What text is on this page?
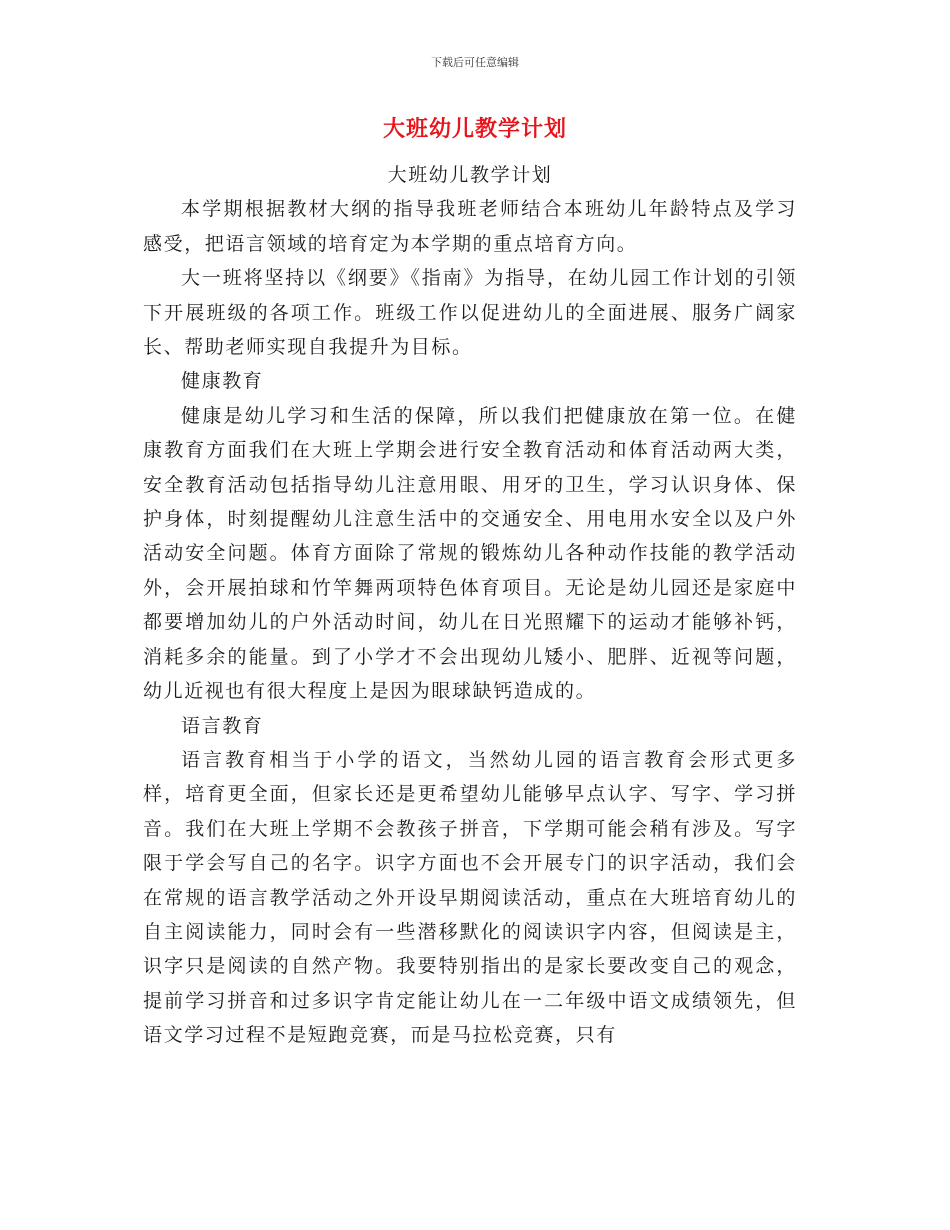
下载后可任意编辑
大班幼儿教学计划

大班幼儿教学计划

本学期根据教材大纲的指导我班老师结合本班幼儿年龄特点及学习感受，把语言领域的培育定为本学期的重点培育方向。

大一班将坚持以《纲要》《指南》为指导，在幼儿园工作计划的引领下开展班级的各项工作。班级工作以促进幼儿的全面进展、服务广阔家长、帮助老师实现自我提升为目标。

健康教育

健康是幼儿学习和生活的保障，所以我们把健康放在第一位。在健康教育方面我们在大班上学期会进行安全教育活动和体育活动两大类，安全教育活动包括指导幼儿注意用眼、用牙的卫生，学习认识身体、保护身体，时刻提醒幼儿注意生活中的交通安全、用电用水安全以及户外活动安全问题。体育方面除了常规的锻炼幼儿各种动作技能的教学活动外，会开展拍球和竹竿舞两项特色体育项目。无论是幼儿园还是家庭中都要增加幼儿的户外活动时间，幼儿在日光照耀下的运动才能够补钙，消耗多余的能量。到了小学才不会出现幼儿矮小、肥胖、近视等问题，幼儿近视也有很大程度上是因为眼球缺钙造成的。

语言教育

语言教育相当于小学的语文，当然幼儿园的语言教育会形式更多样，培育更全面，但家长还是更希望幼儿能够早点认字、写字、学习拼音。我们在大班上学期不会教孩子拼音，下学期可能会稍有涉及。写字限于学会写自己的名字。识字方面也不会开展专门的识字活动，我们会在常规的语言教学活动之外开设早期阅读活动，重点在大班培育幼儿的自主阅读能力，同时会有一些潜移默化的阅读识字内容，但阅读是主，识字只是阅读的自然产物。我要特别指出的是家长要改变自己的观念，提前学习拼音和过多识字肯定能让幼儿在一二年级中语文成绩领先，但语文学习过程不是短跑竞赛，而是马拉松竞赛，只有
